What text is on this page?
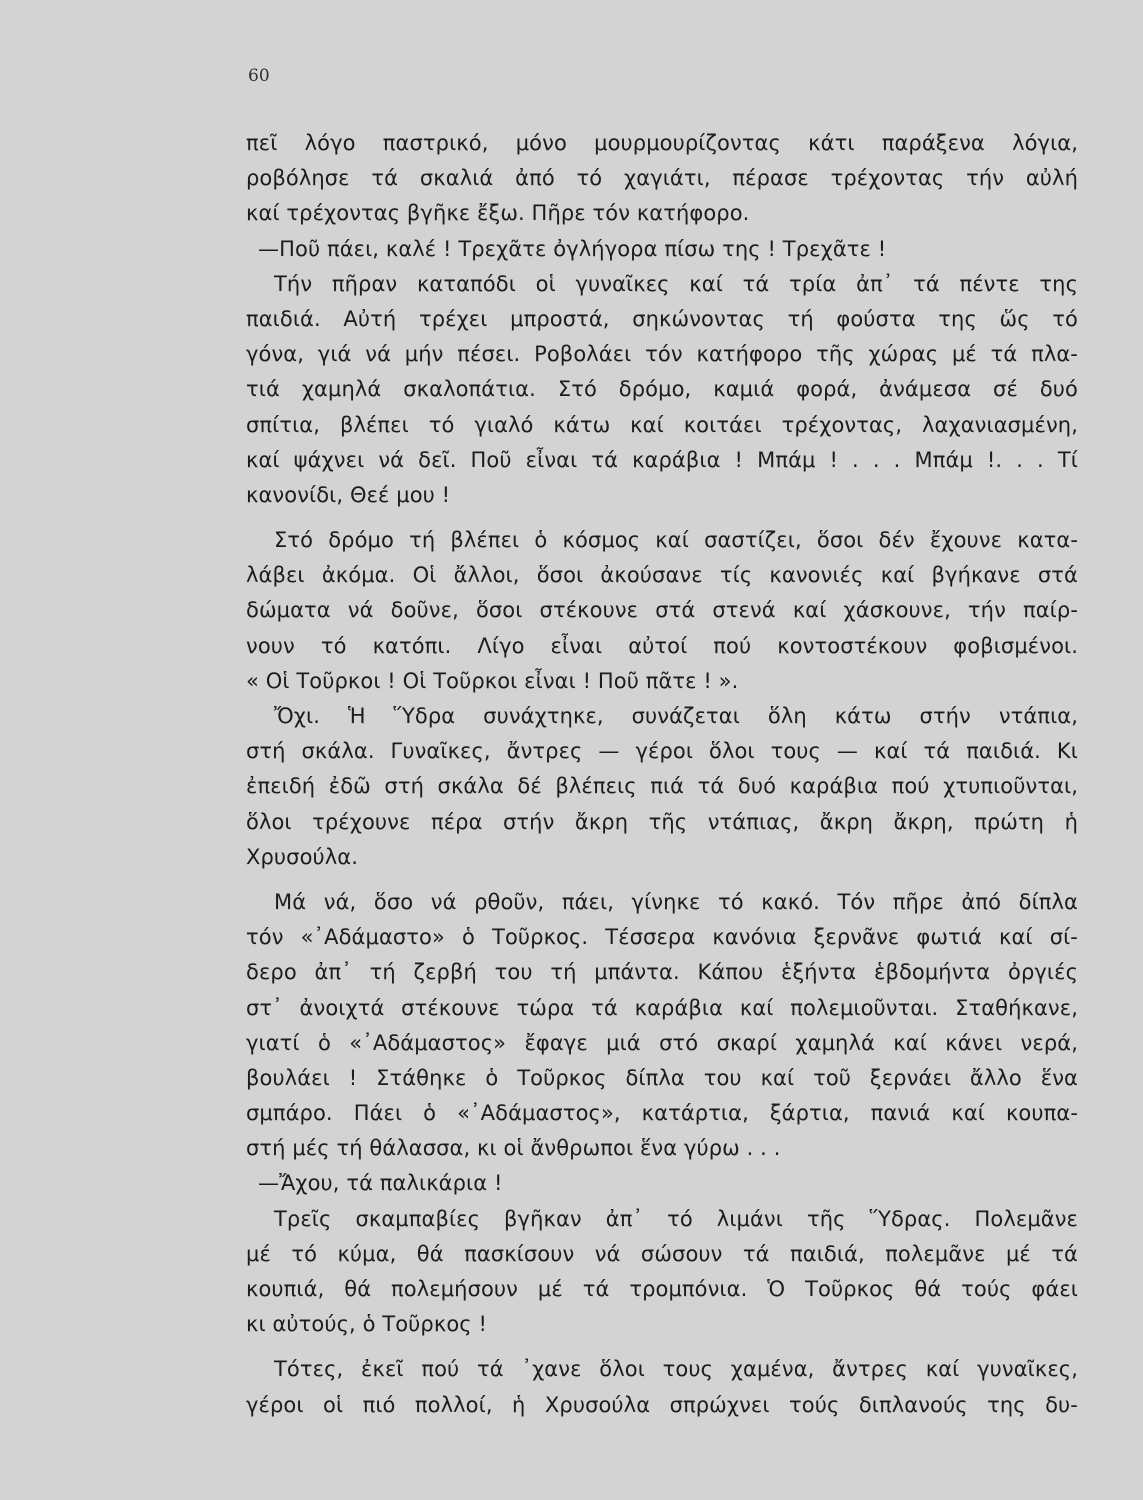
60
πεῖ λόγο παστρικό, μόνο μουρμουρίζοντας κάτι παράξενα λόγια,
ροβόλησε τά σκαλιά ἀπό τό χαγιάτι, πέρασε τρέχοντας τήν αὐλή
καί τρέχοντας βγῆκε ἔξω. Πῆρε τόν κατήφορο.
—Ποῦ πάει, καλέ ! Τρεχᾶτε ὀγλήγορα πίσω της ! Τρεχᾶτε !
Τήν πῆραν καταπόδι οἱ γυναῖκες καί τά τρία ἀπ᾽ τά πέντε της
παιδιά. Αὐτή τρέχει μπροστά, σηκώνοντας τή φούστα της ὥς τό
γόνα, γιά νά μήν πέσει. Ροβολάει τόν κατήφορο τῆς χώρας μέ τά πλα-
τιά χαμηλά σκαλοπάτια. Στό δρόμο, καμιά φορά, ἀνάμεσα σέ δυό
σπίτια, βλέπει τό γιαλό κάτω καί κοιτάει τρέχοντας, λαχανιασμένη,
καί ψάχνει νά δεῖ. Ποῦ εἶναι τά καράβια ! Μπάμ ! . . . Μπάμ !. . . Τί
κανονίδι, Θεέ μου !
Στό δρόμο τή βλέπει ὁ κόσμος καί σαστίζει, ὅσοι δέν ἔχουνε κατα-
λάβει ἀκόμα. Οἱ ἄλλοι, ὅσοι ἀκούσανε τίς κανονιές καί βγήκανε στά
δώματα νά δοῦνε, ὅσοι στέκουνε στά στενά καί χάσκουνε, τήν παίρ-
νουν τό κατόπι. Λίγο εἶναι αὐτοί πού κοντοστέκουν φοβισμένοι.
« Οἱ Τοῦρκοι ! Οἱ Τοῦρκοι εἶναι ! Ποῦ πᾶτε ! ».
Ὄχι. Ἡ Ὕδρα συνάχτηκε, συνάζεται ὅλη κάτω στήν ντάπια,
στή σκάλα. Γυναῖκες, ἄντρες — γέροι ὅλοι τους — καί τά παιδιά. Κι
ἐπειδή ἐδῶ στή σκάλα δέ βλέπεις πιά τά δυό καράβια πού χτυπιοῦνται,
ὅλοι τρέχουνε πέρα στήν ἄκρη τῆς ντάπιας, ἄκρη ἄκρη, πρώτη ἡ
Χρυσούλα.
Μά νά, ὅσο νά ρθοῦν, πάει, γίνηκε τό κακό. Τόν πῆρε ἀπό δίπλα
τόν «᾽Αδάμαστο» ὁ Τοῦρκος. Τέσσερα κανόνια ξερνᾶνε φωτιά καί σί-
δερο ἀπ᾽ τή ζερβή του τή μπάντα. Κάπου ἑξήντα ἑβδομήντα ὀργιές
στ᾽ ἀνοιχτά στέκουνε τώρα τά καράβια καί πολεμιοῦνται. Σταθήκανε,
γιατί ὁ «᾽Αδάμαστος» ἔφαγε μιά στό σκαρί χαμηλά καί κάνει νερά,
βουλάει ! Στάθηκε ὁ Τοῦρκος δίπλα του καί τοῦ ξερνάει ἄλλο ἕνα
σμπάρο. Πάει ὁ «᾽Αδάμαστος», κατάρτια, ξάρτια, πανιά καί κουπα-
στή μές τή θάλασσα, κι οἱ ἄνθρωποι ἕνα γύρω . . .
—Ἄχου, τά παλικάρια !
Τρεῖς σκαμπαβίες βγῆκαν ἀπ᾽ τό λιμάνι τῆς Ὕδρας. Πολεμᾶνε
μέ τό κύμα, θά πασκίσουν νά σώσουν τά παιδιά, πολεμᾶνε μέ τά
κουπιά, θά πολεμήσουν μέ τά τρομπόνια. Ὁ Τοῦρκος θά τούς φάει
κι αὐτούς, ὁ Τοῦρκος !
Τότες, ἐκεῖ πού τά ᾽χανε ὅλοι τους χαμένα, ἄντρες καί γυναῖκες,
γέροι οἱ πιό πολλοί, ἡ Χρυσούλα σπρώχνει τούς διπλανούς της δυ-
